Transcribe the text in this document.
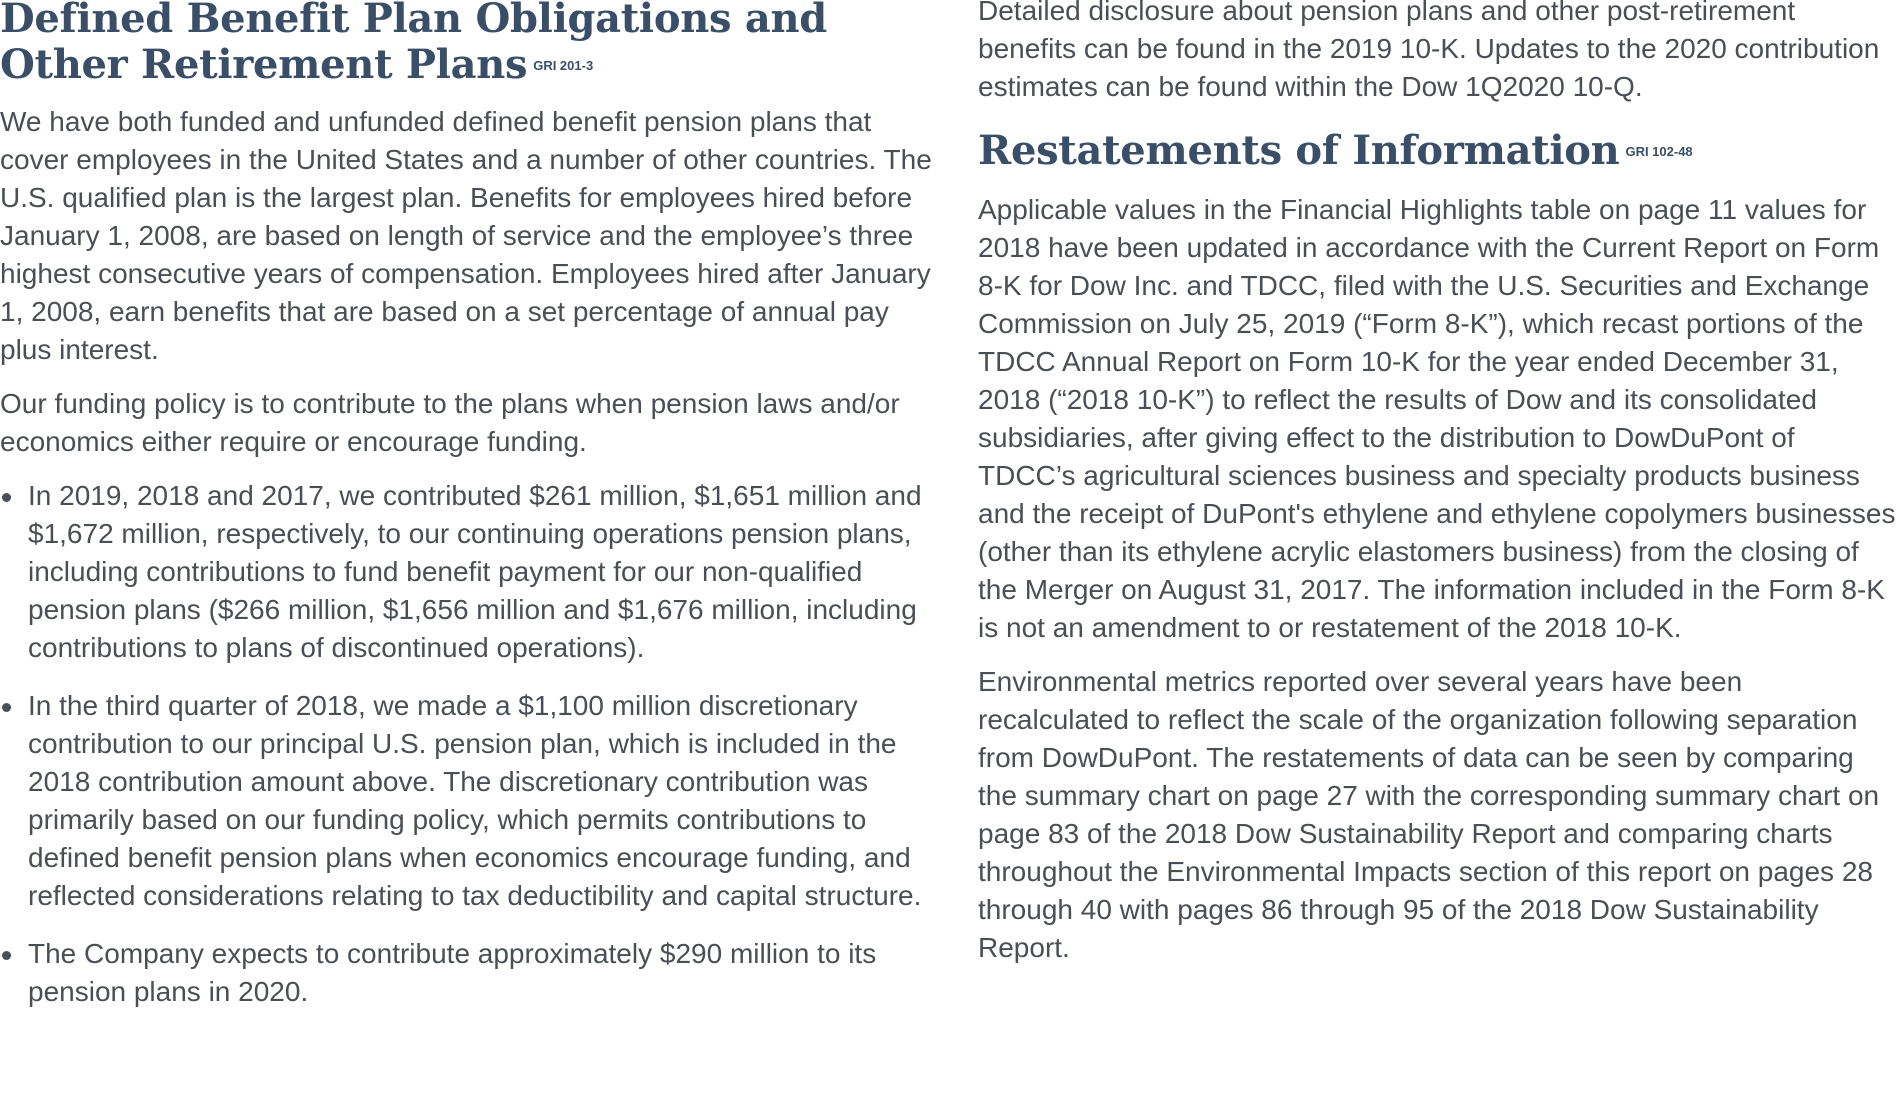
Defined Benefit Plan Obligations and Other Retirement Plans GRI 201-3

We have both funded and unfunded defined benefit pension plans that cover employees in the United States and a number of other countries. The U.S. qualified plan is the largest plan. Benefits for employees hired before January 1, 2008, are based on length of service and the employee’s three highest consecutive years of compensation. Employees hired after January 1, 2008, earn benefits that are based on a set percentage of annual pay plus interest.

Our funding policy is to contribute to the plans when pension laws and/or economics either require or encourage funding.

In 2019, 2018 and 2017, we contributed $261 million, $1,651 million and $1,672 million, respectively, to our continuing operations pension plans, including contributions to fund benefit payment for our non-qualified pension plans ($266 million, $1,656 million and $1,676 million, including contributions to plans of discontinued operations).
In the third quarter of 2018, we made a $1,100 million discretionary contribution to our principal U.S. pension plan, which is included in the 2018 contribution amount above. The discretionary contribution was primarily based on our funding policy, which permits contributions to defined benefit pension plans when economics encourage funding, and reflected considerations relating to tax deductibility and capital structure.
The Company expects to contribute approximately $290 million to its pension plans in 2020.

Detailed disclosure about pension plans and other post-retirement benefits can be found in the 2019 10-K. Updates to the 2020 contribution estimates can be found within the Dow 1Q2020 10-Q.

Restatements of Information GRI 102-48

Applicable values in the Financial Highlights table on page 11 values for 2018 have been updated in accordance with the Current Report on Form 8-K for Dow Inc. and TDCC, filed with the U.S. Securities and Exchange Commission on July 25, 2019 (“Form 8-K”), which recast portions of the TDCC Annual Report on Form 10-K for the year ended December 31, 2018 (“2018 10-K”) to reflect the results of Dow and its consolidated subsidiaries, after giving effect to the distribution to DowDuPont of TDCC’s agricultural sciences business and specialty products business and the receipt of DuPont's ethylene and ethylene copolymers businesses (other than its ethylene acrylic elastomers business) from the closing of the Merger on August 31, 2017. The information included in the Form 8-K is not an amendment to or restatement of the 2018 10-K.

Environmental metrics reported over several years have been recalculated to reflect the scale of the organization following separation from DowDuPont. The restatements of data can be seen by comparing the summary chart on page 27 with the corresponding summary chart on page 83 of the 2018 Dow Sustainability Report and comparing charts throughout the Environmental Impacts section of this report on pages 28 through 40 with pages 86 through 95 of the 2018 Dow Sustainability Report.
